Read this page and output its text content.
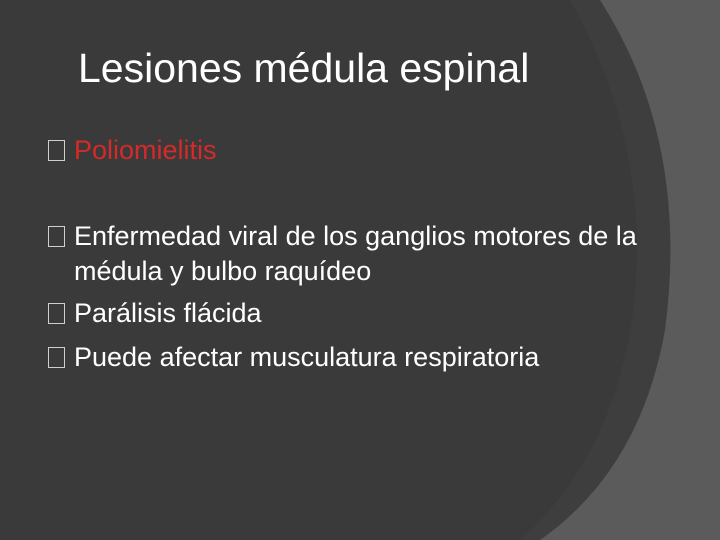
Lesiones médula espinal
Poliomielitis
Enfermedad viral de los ganglios motores de la médula y bulbo raquídeo
Parálisis flácida
Puede afectar musculatura respiratoria
